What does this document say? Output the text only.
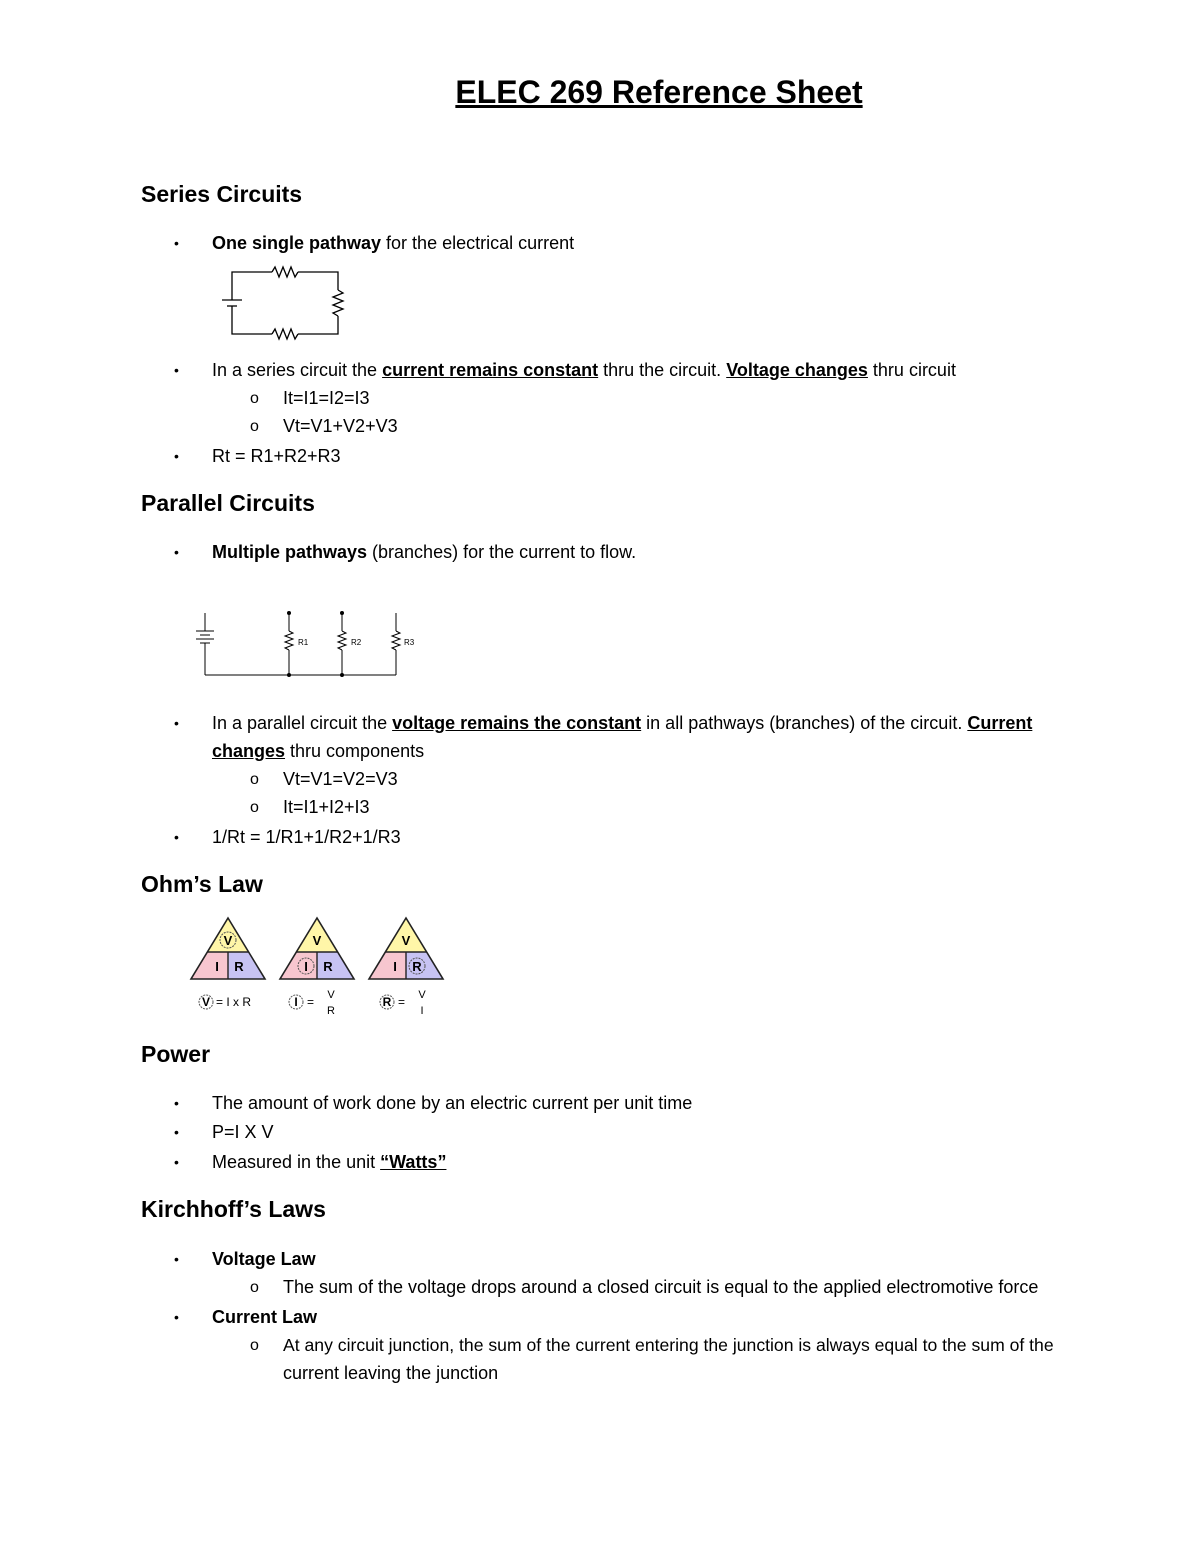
ELEC 269 Reference Sheet
Series Circuits
• One single pathway for the electrical current
• In a series circuit the current remains constant thru the circuit. Voltage changes thru circuit
o It=I1=I2=I3
o Vt=V1+V2+V3
• Rt = R1+R2+R3
Parallel Circuits
• Multiple pathways (branches) for the current to flow.
R1	R2	R3
• In a parallel circuit the voltage remains the constant in all pathways (branches) of the circuit. Current
changes thru components
o Vt=V1=V2=V3
o It=I1+I2+I3
• 1/Rt = 1/R1+1/R2+1/R3
Ohm’s Law
V
I R
V
I R
V
I R
V = I x R	I = V
R
R = V
I
Power
• The amount of work done by an electric current per unit time
• P=I X V
• Measured in the unit “Watts”
Kirchhoff’s Laws
• Voltage Law
o The sum of the voltage drops around a closed circuit is equal to the applied electromotive force
• Current Law
o At any circuit junction, the sum of the current entering the junction is always equal to the sum of the
current leaving the junction
